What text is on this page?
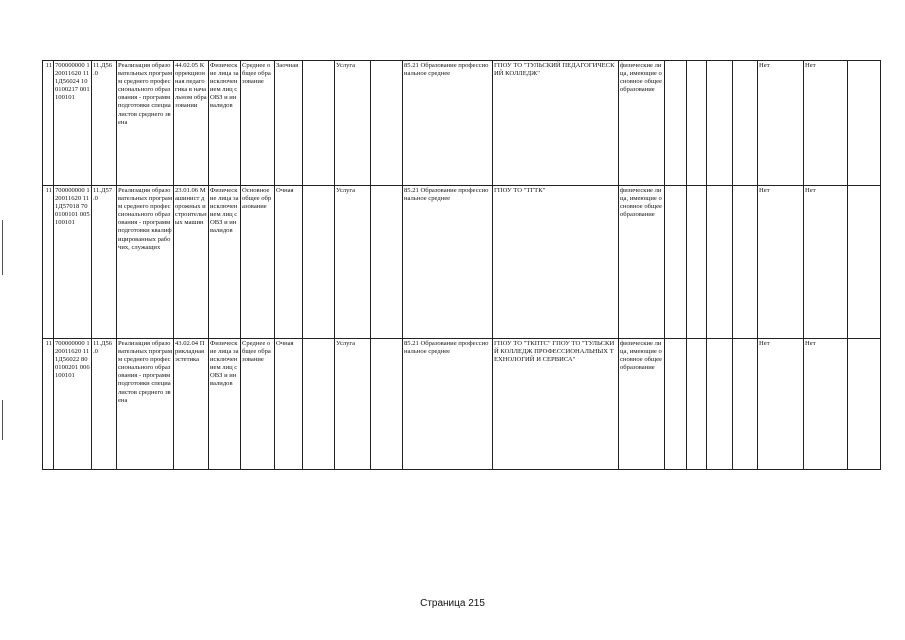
11	700000000 120011620 111Д56024 100100217 001100101	11.Д56 .0	Реализация образовательных программ среднего профессионального образования - программ подготовки специалистов среднего звена	44.02.05 Коррекционная педагогика в начальном образовании	Физические лица за исключением лиц с ОВЗ и инвалидов	Среднее общее образование	Заочная		Услуга		85.21 Образование профессиональное среднее	ГПОУ ТО "ТУЛЬСКИЙ ПЕДАГОГИЧЕСКИЙ КОЛЛЕДЖ"	физические лица, имеющие основное общее образование					Нет	Нет	
11	700000000 120011620 111Д57018 700100101 005100101	11.Д57 .0	Реализация образовательных программ среднего профессионального образования - программ подготовки квалифицированных рабочих, служащих	23.01.06 Машинист дорожных и строительных машин	Физические лица за исключением лиц с ОВЗ и инвалидов	Основное общее образование	Очная		Услуга		85.21 Образование профессиональное среднее	ГПОУ ТО "ТГТК"	физические лица, имеющие основное общее образование					Нет	Нет	
11	700000000 120011620 111Д56022 800100201 006100101	11.Д56 .0	Реализация образовательных программ среднего профессионального образования - программ подготовки специалистов среднего звена	43.02.04 Прикладная эстетика	Физические лица за исключением лиц с ОВЗ и инвалидов	Среднее общее образование	Очная		Услуга		85.21 Образование профессиональное среднее	ГПОУ ТО "ТКПТС" ГПОУ ТО "ТУЛЬСКИЙ КОЛЛЕДЖ ПРОФЕССИОНАЛЬНЫХ ТЕХНОЛОГИЙ И СЕРВИСА"	физические лица, имеющие основное общее образование					Нет	Нет	
Страница 215
